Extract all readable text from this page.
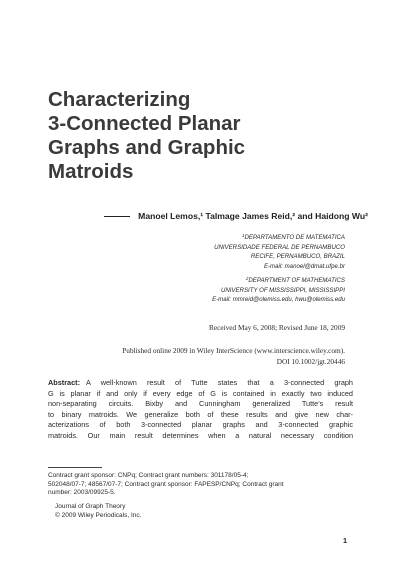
Characterizing
3-Connected Planar
Graphs and Graphic
Matroids
Manoel Lemos,¹ Talmage James Reid,² and Haidong Wu²
$^1$DEPARTAMENTO DE MATEMATICA
UNIVERSIDADE FEDERAL DE PERNAMBUCO
RECIFE, PERNAMBUCO, BRAZIL
E-mail: manoel@dmat.ufpe.br
$^2$DEPARTMENT OF MATHEMATICS
UNIVERSITY OF MISSISSIPPI, MISSISSIPPI
E-mail: mmreid@olemiss.edu, hwu@olemiss.edu
Received May 6, 2008; Revised June 18, 2009
Published online 2009 in Wiley InterScience (www.interscience.wiley.com).
DOI 10.1002/jgt.20446
Abstract: A well-known result of Tutte states that a 3-connected graph
G is planar if and only if every edge of G is contained in exactly two induced
non-separating circuits. Bixby and Cunningham generalized Tutte's result
to binary matroids. We generalize both of these results and give new char-
acterizations of both 3-connected planar graphs and 3-connected graphic
matroids. Our main result determines when a natural necessary condition
Contract grant sponsor: CNPq; Contract grant numbers: 301178/05-4;
502048/07-7; 48567/07-7; Contract grant sponsor: FAPESP/CNPq; Contract grant
number: 2003/09925-5.
Journal of Graph Theory
© 2009 Wiley Periodicals, Inc.
1
